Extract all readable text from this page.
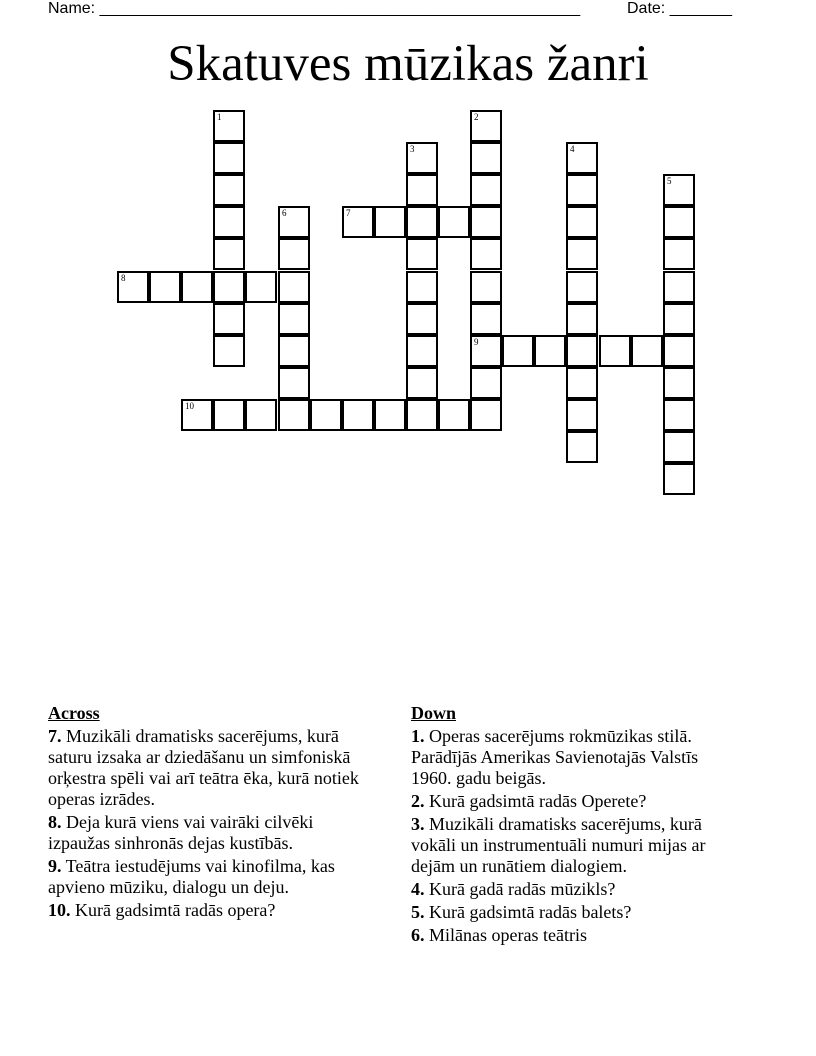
Name: ______________________________________________________	Date: _______
Skatuves mūzikas žanri
1	2
9
3	4
5
6	7
8
10
Across
7. Muzikāli dramatisks sacerējums, kurā saturu izsaka ar dziedāšanu un simfoniskā orķestra spēli vai arī teātra ēka, kurā notiek operas izrādes.
8. Deja kurā viens vai vairāki cilvēki izpaužas sinhronās dejas kustībās.
9. Teātra iestudējums vai kinofilma, kas apvieno mūziku, dialogu un deju.
10. Kurā gadsimtā radās opera?
Down
1. Operas sacerējums rokmūzikas stilā. Parādījās Amerikas Savienotajās Valstīs 1960. gadu beigās.
2. Kurā gadsimtā radās Operete?
3. Muzikāli dramatisks sacerējums, kurā vokāli un instrumentuāli numuri mijas ar dejām un runātiem dialogiem.
4. Kurā gadā radās mūzikls?
5. Kurā gadsimtā radās balets?
6. Milānas operas teātris
